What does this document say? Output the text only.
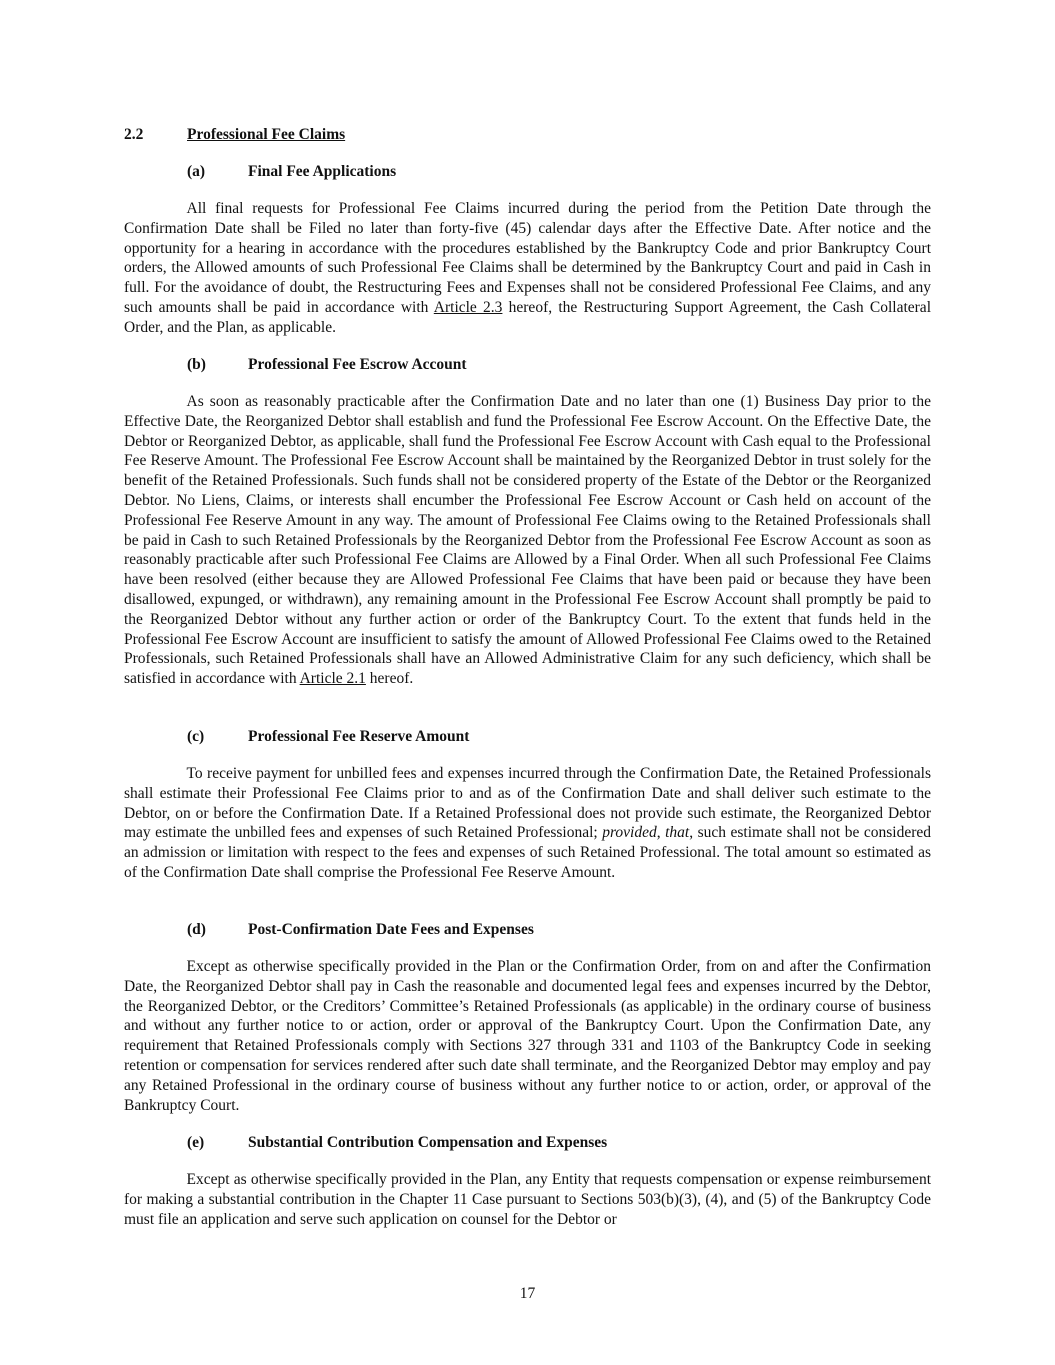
2.2	Professional Fee Claims
(a)	Final Fee Applications

All final requests for Professional Fee Claims incurred during the period from the Petition Date through the Confirmation Date shall be Filed no later than forty-five (45) calendar days after the Effective Date. After notice and the opportunity for a hearing in accordance with the procedures established by the Bankruptcy Code and prior Bankruptcy Court orders, the Allowed amounts of such Professional Fee Claims shall be determined by the Bankruptcy Court and paid in Cash in full. For the avoidance of doubt, the Restructuring Fees and Expenses shall not be considered Professional Fee Claims, and any such amounts shall be paid in accordance with Article 2.3 hereof, the Restructuring Support Agreement, the Cash Collateral Order, and the Plan, as applicable.

(b)	Professional Fee Escrow Account

As soon as reasonably practicable after the Confirmation Date and no later than one (1) Business Day prior to the Effective Date, the Reorganized Debtor shall establish and fund the Professional Fee Escrow Account. On the Effective Date, the Debtor or Reorganized Debtor, as applicable, shall fund the Professional Fee Escrow Account with Cash equal to the Professional Fee Reserve Amount. The Professional Fee Escrow Account shall be maintained by the Reorganized Debtor in trust solely for the benefit of the Retained Professionals. Such funds shall not be considered property of the Estate of the Debtor or the Reorganized Debtor. No Liens, Claims, or interests shall encumber the Professional Fee Escrow Account or Cash held on account of the Professional Fee Reserve Amount in any way. The amount of Professional Fee Claims owing to the Retained Professionals shall be paid in Cash to such Retained Professionals by the Reorganized Debtor from the Professional Fee Escrow Account as soon as reasonably practicable after such Professional Fee Claims are Allowed by a Final Order. When all such Professional Fee Claims have been resolved (either because they are Allowed Professional Fee Claims that have been paid or because they have been disallowed, expunged, or withdrawn), any remaining amount in the Professional Fee Escrow Account shall promptly be paid to the Reorganized Debtor without any further action or order of the Bankruptcy Court. To the extent that funds held in the Professional Fee Escrow Account are insufficient to satisfy the amount of Allowed Professional Fee Claims owed to the Retained Professionals, such Retained Professionals shall have an Allowed Administrative Claim for any such deficiency, which shall be satisfied in accordance with Article 2.1 hereof.

(c)	Professional Fee Reserve Amount

To receive payment for unbilled fees and expenses incurred through the Confirmation Date, the Retained Professionals shall estimate their Professional Fee Claims prior to and as of the Confirmation Date and shall deliver such estimate to the Debtor, on or before the Confirmation Date. If a Retained Professional does not provide such estimate, the Reorganized Debtor may estimate the unbilled fees and expenses of such Retained Professional; provided, that, such estimate shall not be considered an admission or limitation with respect to the fees and expenses of such Retained Professional. The total amount so estimated as of the Confirmation Date shall comprise the Professional Fee Reserve Amount.

(d)	Post-Confirmation Date Fees and Expenses

Except as otherwise specifically provided in the Plan or the Confirmation Order, from on and after the Confirmation Date, the Reorganized Debtor shall pay in Cash the reasonable and documented legal fees and expenses incurred by the Debtor, the Reorganized Debtor, or the Creditors’ Committee’s Retained Professionals (as applicable) in the ordinary course of business and without any further notice to or action, order or approval of the Bankruptcy Court. Upon the Confirmation Date, any requirement that Retained Professionals comply with Sections 327 through 331 and 1103 of the Bankruptcy Code in seeking retention or compensation for services rendered after such date shall terminate, and the Reorganized Debtor may employ and pay any Retained Professional in the ordinary course of business without any further notice to or action, order, or approval of the Bankruptcy Court.

(e)	Substantial Contribution Compensation and Expenses

Except as otherwise specifically provided in the Plan, any Entity that requests compensation or expense reimbursement for making a substantial contribution in the Chapter 11 Case pursuant to Sections 503(b)(3), (4), and (5) of the Bankruptcy Code must file an application and serve such application on counsel for the Debtor or

17
